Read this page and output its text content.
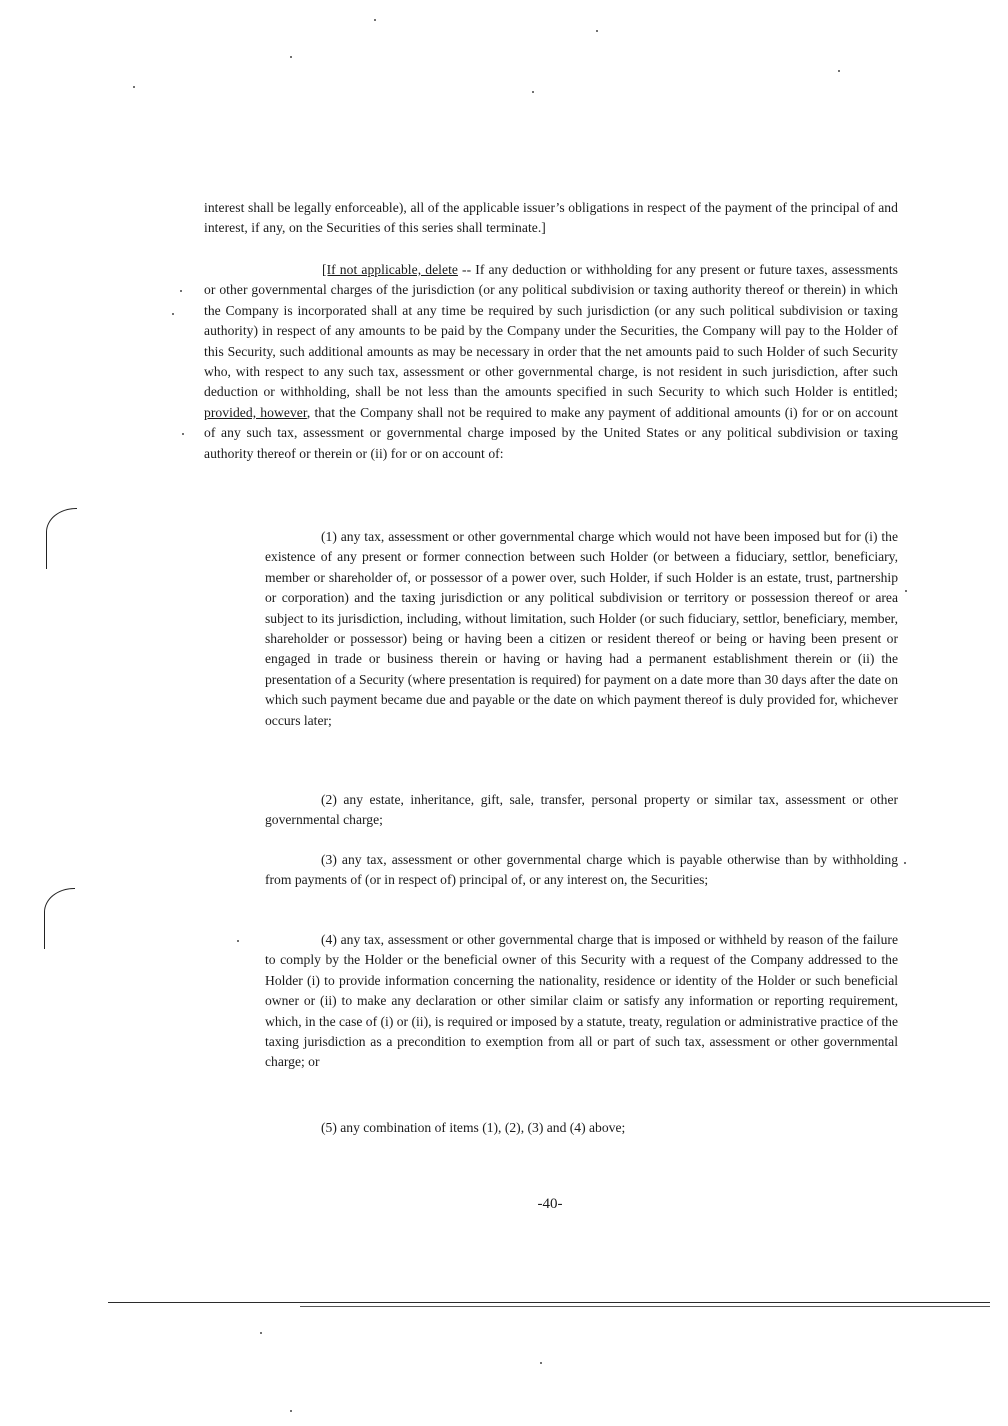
interest shall be legally enforceable), all of the applicable issuer’s obligations in respect of the payment of the principal of and interest, if any, on the Securities of this series shall terminate.]
[If not applicable, delete -- If any deduction or withholding for any present or future taxes, assessments or other governmental charges of the jurisdiction (or any political subdivision or taxing authority thereof or therein) in which the Company is incorporated shall at any time be required by such jurisdiction (or any such political subdivision or taxing authority) in respect of any amounts to be paid by the Company under the Securities, the Company will pay to the Holder of this Security, such additional amounts as may be necessary in order that the net amounts paid to such Holder of such Security who, with respect to any such tax, assessment or other governmental charge, is not resident in such jurisdiction, after such deduction or withholding, shall be not less than the amounts specified in such Security to which such Holder is entitled; provided, however, that the Company shall not be required to make any payment of additional amounts (i) for or on account of any such tax, assessment or governmental charge imposed by the United States or any political subdivision or taxing authority thereof or therein or (ii) for or on account of:
(1) any tax, assessment or other governmental charge which would not have been imposed but for (i) the existence of any present or former connection between such Holder (or between a fiduciary, settlor, beneficiary, member or shareholder of, or possessor of a power over, such Holder, if such Holder is an estate, trust, partnership or corporation) and the taxing jurisdiction or any political subdivision or territory or possession thereof or area subject to its jurisdiction, including, without limitation, such Holder (or such fiduciary, settlor, beneficiary, member, shareholder or possessor) being or having been a citizen or resident thereof or being or having been present or engaged in trade or business therein or having or having had a permanent establishment therein or (ii) the presentation of a Security (where presentation is required) for payment on a date more than 30 days after the date on which such payment became due and payable or the date on which payment thereof is duly provided for, whichever occurs later;
(2) any estate, inheritance, gift, sale, transfer, personal property or similar tax, assessment or other governmental charge;
(3) any tax, assessment or other governmental charge which is payable otherwise than by withholding from payments of (or in respect of) principal of, or any interest on, the Securities;
(4) any tax, assessment or other governmental charge that is imposed or withheld by reason of the failure to comply by the Holder or the beneficial owner of this Security with a request of the Company addressed to the Holder (i) to provide information concerning the nationality, residence or identity of the Holder or such beneficial owner or (ii) to make any declaration or other similar claim or satisfy any information or reporting requirement, which, in the case of (i) or (ii), is required or imposed by a statute, treaty, regulation or administrative practice of the taxing jurisdiction as a precondition to exemption from all or part of such tax, assessment or other governmental charge; or
(5) any combination of items (1), (2), (3) and (4) above;
-40-
